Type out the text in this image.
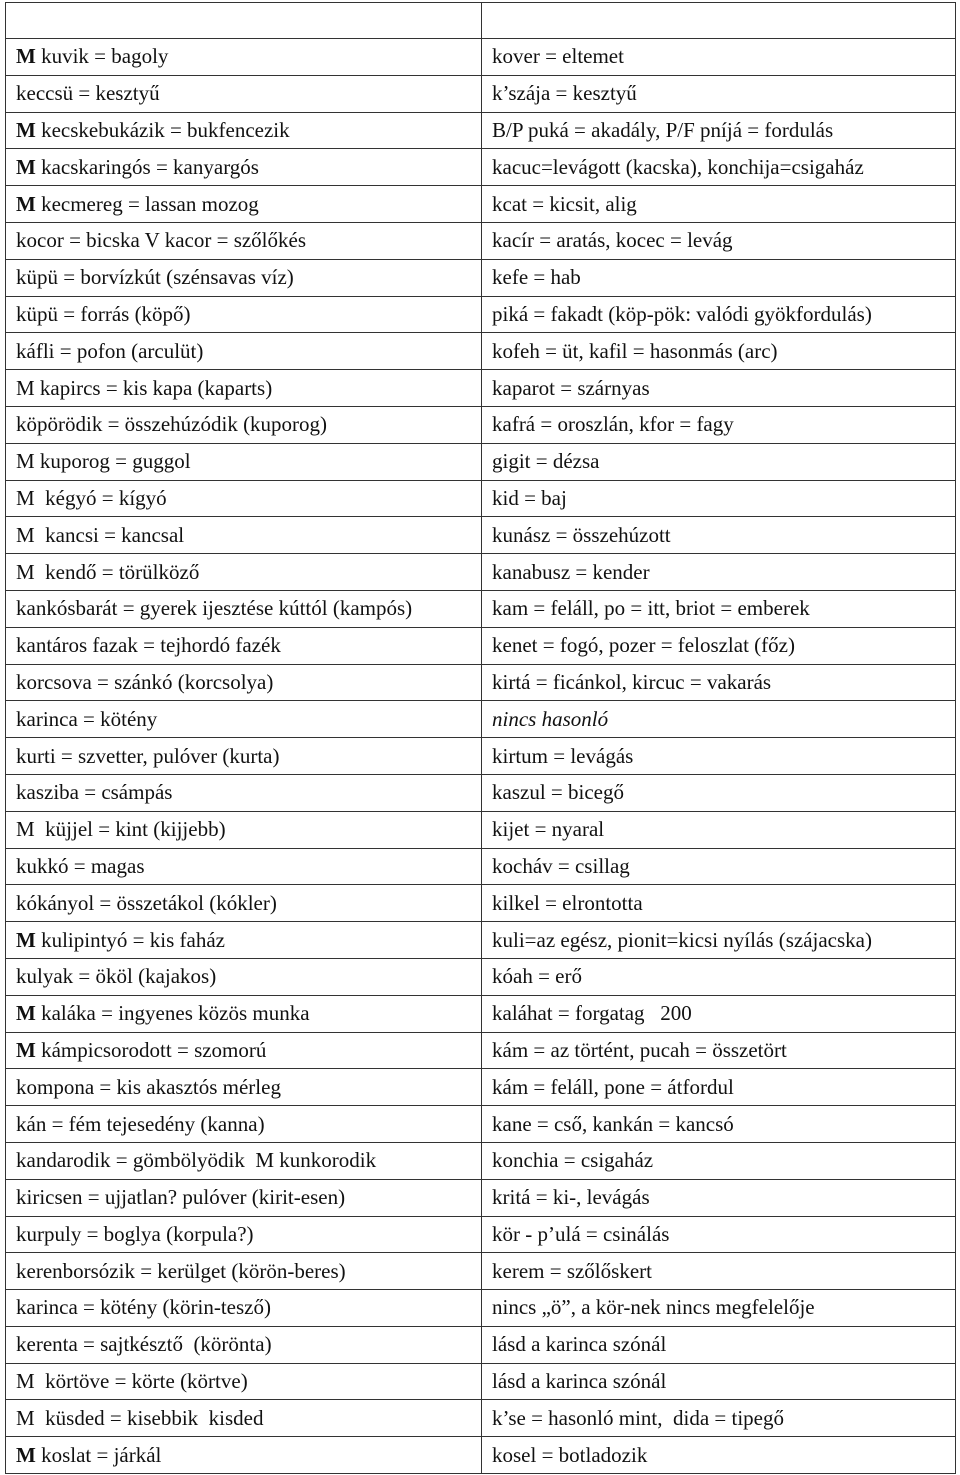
M kuvik = bagoly	kover = eltemet
keccsü = kesztyű	k’szája = kesztyű
M kecskebukázik = bukfencezik	B/P puká = akadály, P/F pníjá = fordulás
M kacskaringós = kanyargós	kacuc=levágott (kacska), konchija=csigaház
M kecmereg = lassan mozog	kcat = kicsit, alig
kocor = bicska V kacor = szőlőkés	kacír = aratás, kocec = levág
küpü = borvízkút (szénsavas víz)	kefe = hab
küpü = forrás (köpő)	piká = fakadt (köp-pök: valódi gyökfordulás)
káfli = pofon (arculüt)	kofeh = üt, kafil = hasonmás (arc)
M kapircs = kis kapa (kaparts)	kaparot = szárnyas
köpörödik = összehúzódik (kuporog)	kafrá = oroszlán, kfor = fagy
M kuporog = guggol	gigit = dézsa
M  kégyó = kígyó	kid = baj
M  kancsi = kancsal	kunász = összehúzott
M  kendő = törülköző	kanabusz = kender
kankósbarát = gyerek ijesztése kúttól (kampós)	kam = feláll, po = itt, briot = emberek
kantáros fazak = tejhordó fazék	kenet = fogó, pozer = feloszlat (főz)
korcsova = szánkó (korcsolya)	kirtá = ficánkol, kircuc = vakarás
karinca = kötény	nincs hasonló
kurti = szvetter, pulóver (kurta)	kirtum = levágás
kasziba = csámpás	kaszul = bicegő
M  küjjel = kint (kijjebb)	kijet = nyaral
kukkó = magas	kocháv = csillag
kókányol = összetákol (kókler)	kilkel = elrontotta
M kulipintyó = kis faház	kuli=az egész, pionit=kicsi nyílás (szájacska)
kulyak = ököl (kajakos)	kóah = erő
M kaláka = ingyenes közös munka	kaláhat = forgatag   200
M kámpicsorodott = szomorú	kám = az történt, pucah = összetört
kompona = kis akasztós mérleg	kám = feláll, pone = átfordul
kán = fém tejesedény (kanna)	kane = cső, kankán = kancsó
kandarodik = gömbölyödik  M kunkorodik	konchia = csigaház
kiricsen = ujjatlan? pulóver (kirit-esen)	kritá = ki-, levágás
kurpuly = boglya (korpula?)	kör - p’ulá = csinálás
kerenborsózik = kerülget (körön-beres)	kerem = szőlőskert
karinca = kötény (körin-tesző)	nincs „ö”, a kör-nek nincs megfelelője
kerenta = sajtkésztő  (körönta)	lásd a karinca szónál
M  körtöve = körte (körtve)	lásd a karinca szónál
M  küsded = kisebbik  kisded	k’se = hasonló mint,  dida = tipegő
M koslat = járkál	kosel = botladozik
